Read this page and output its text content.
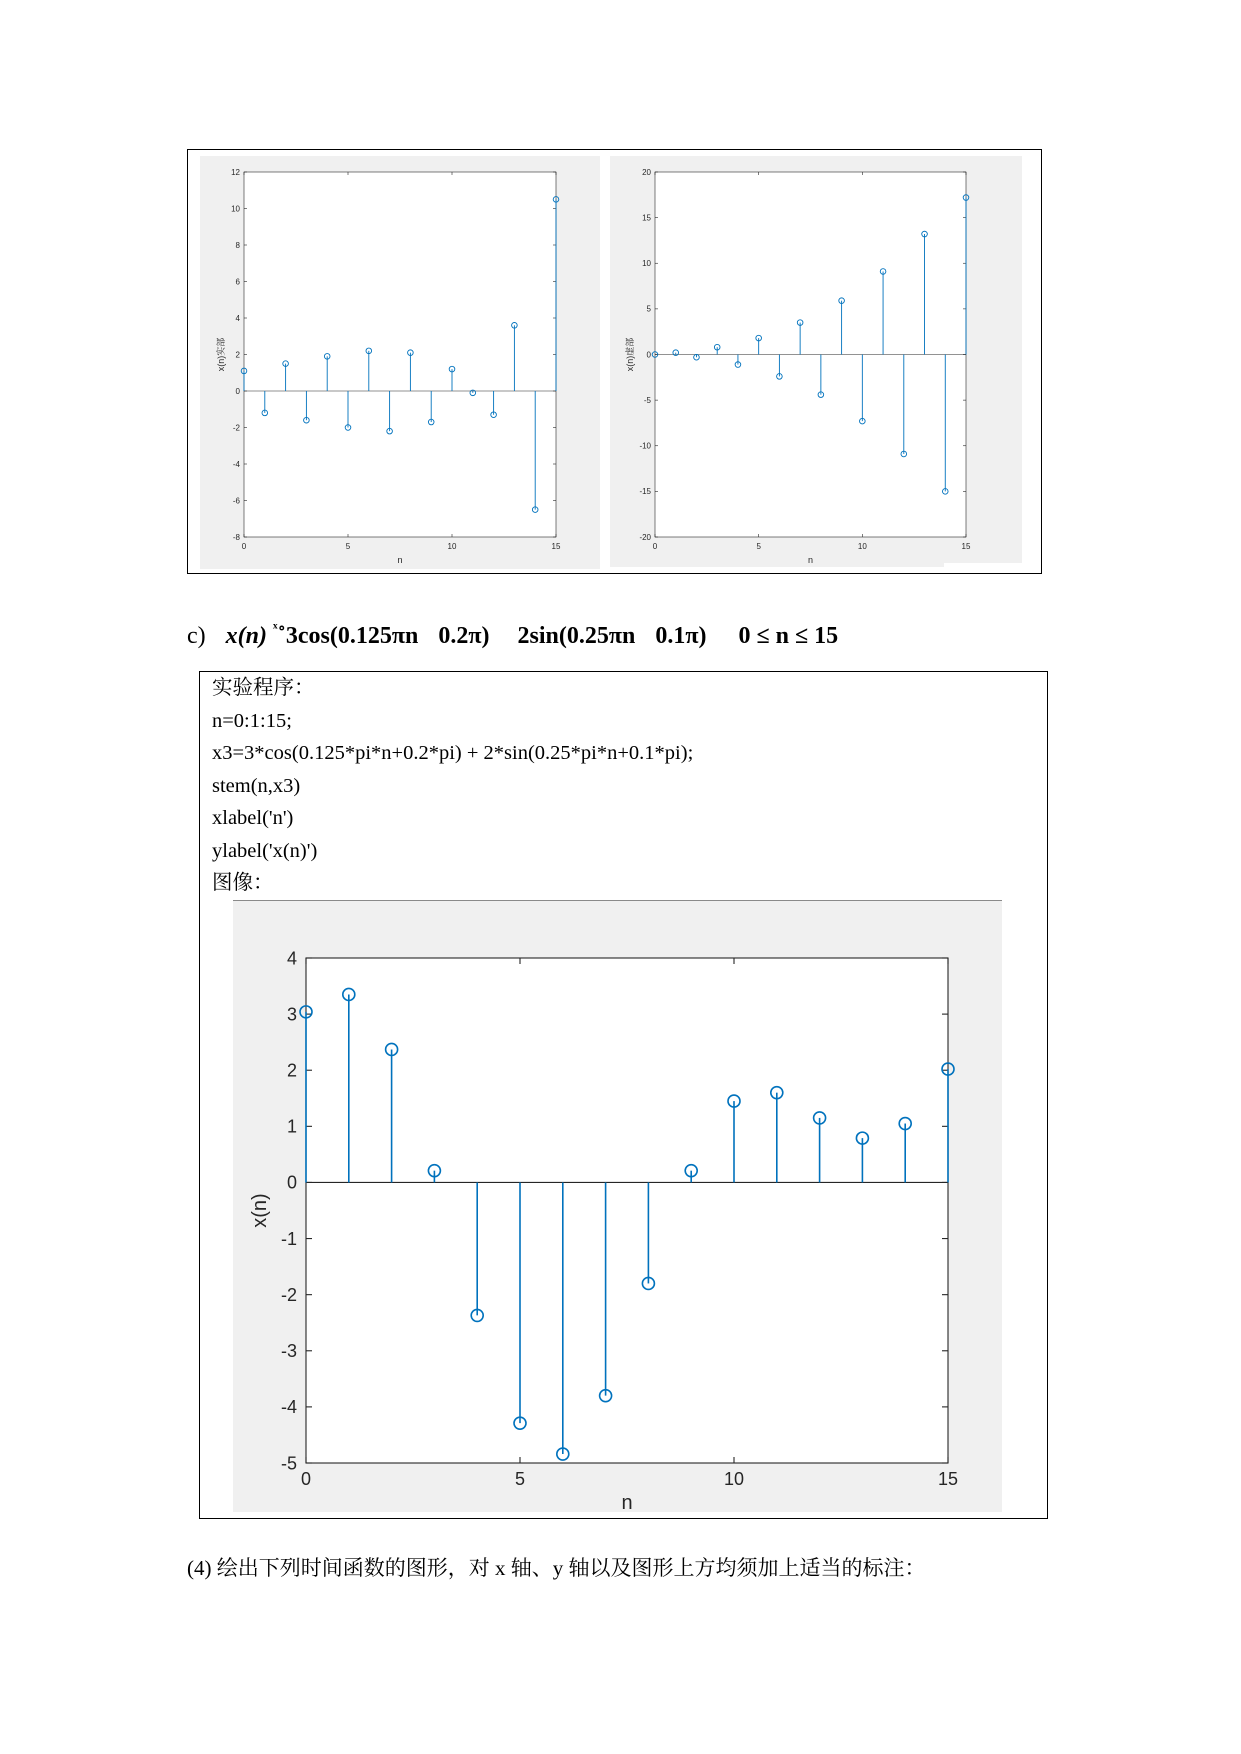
0	5	10	15
-8
-6
-4
-2
0
2
4
6
8
10
12
n
x(n)实部
0	5	10	15
-20
-15
-10
-5
0
5
10
15
20
n
x(n)虚部
c) x(n) $^{ˣ\circ}$3cos(0.125πn 0.2π) 2sin(0.25πn 0.1π) 0 ≤ n ≤ 15
实验程序：
n=0:1:15;
x3=3*cos(0.125*pi*n+0.2*pi) + 2*sin(0.25*pi*n+0.1*pi);
stem(n,x3)
xlabel('n')
ylabel('x(n)')
图像：
0	5	10	15
-5
-4
-3
-2
-1
0
1
2
3
4
n
x(n)
(4) 绘出下列时间函数的图形，对 x 轴、y 轴以及图形上方均须加上适当的标注：
